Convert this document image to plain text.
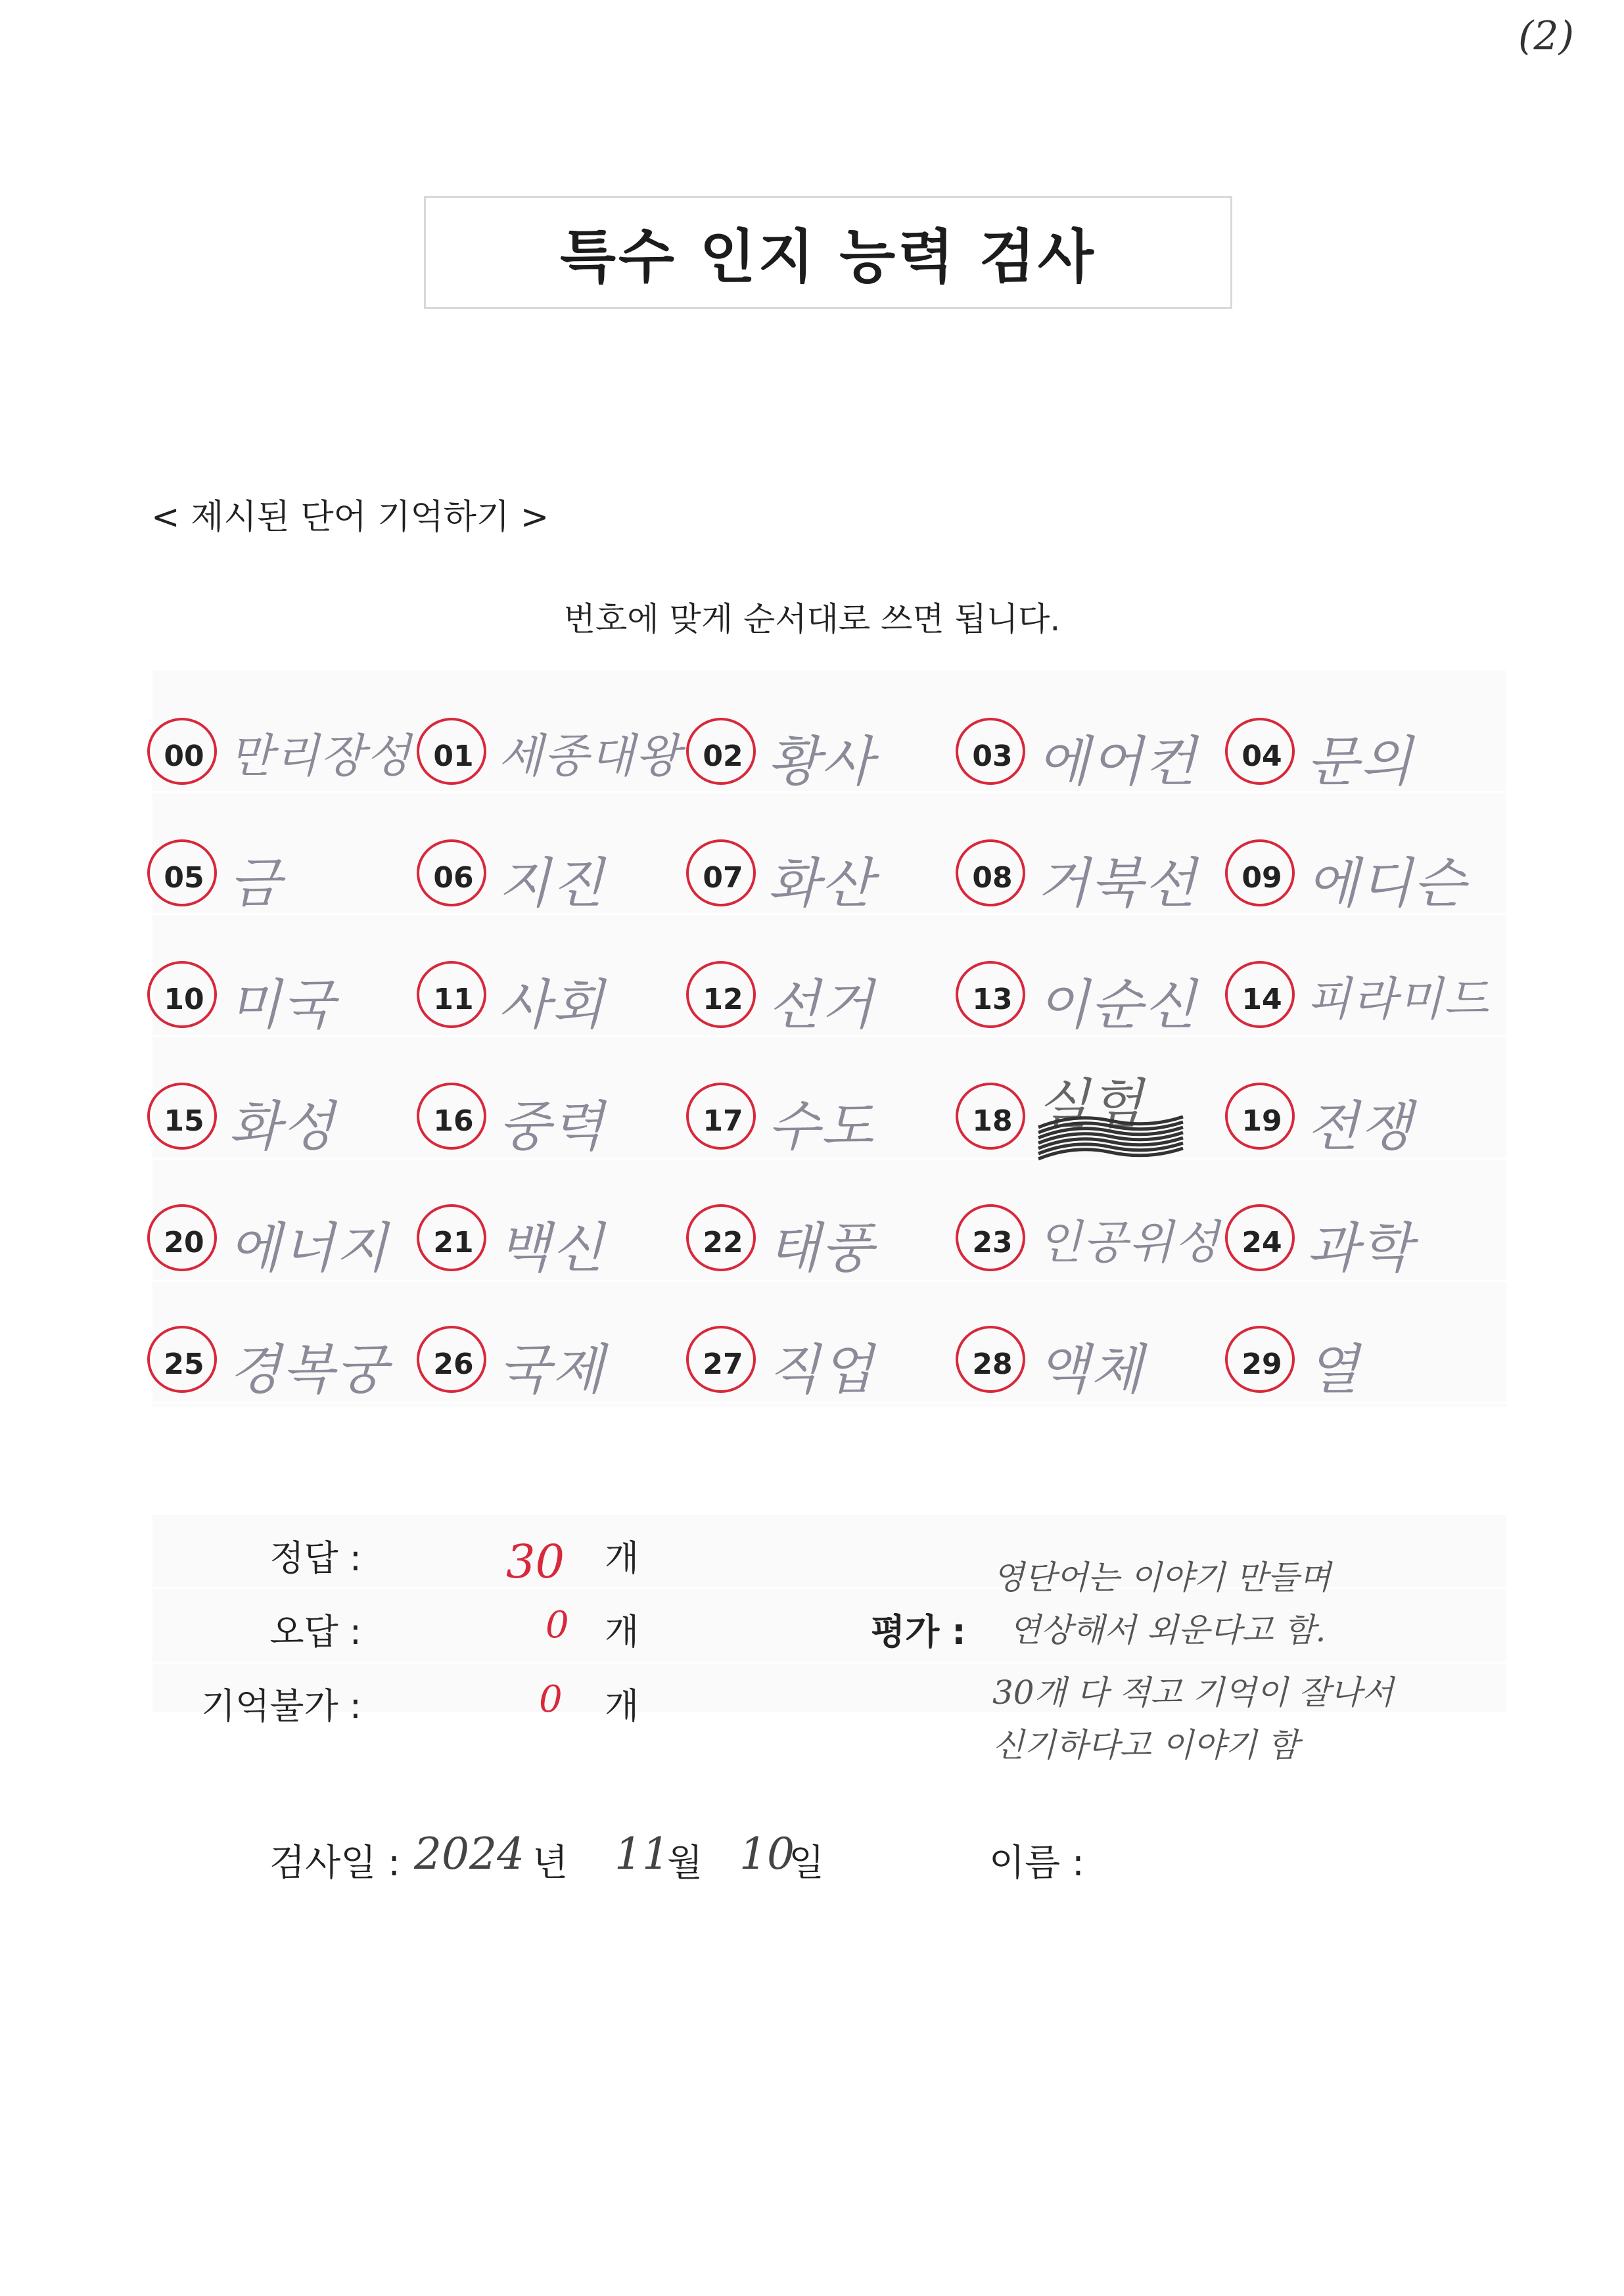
(2)
특수 인지 능력 검사
< 제시된 단어 기억하기 >
번호에 맞게 순서대로 쓰면 됩니다.
00 만리장성 01 세종대왕 02 황사	03 에어컨	04 문의
05 금	06 지진	07 화산	08 거북선	09 에디슨
10 미국	11 사회	12 선거	13 이순신	14 피라미드
15 화성	16 중력	17 수도	18 실험	19 전쟁
20 에너지	21 백신	22 태풍	23 인공위성 24 과학
25 경복궁	26 국제	27 직업	28 액체	29 열
정답 :	30 개
오답 :	0 개
기억불가 :	0 개
평가 :
영단어는 이야기 만들며
연상해서 외운다고 함.
30개 다 적고 기억이 잘나서
신기하다고 이야기 함
검사일 : 2024 년 11
월 10
일	이름 :
